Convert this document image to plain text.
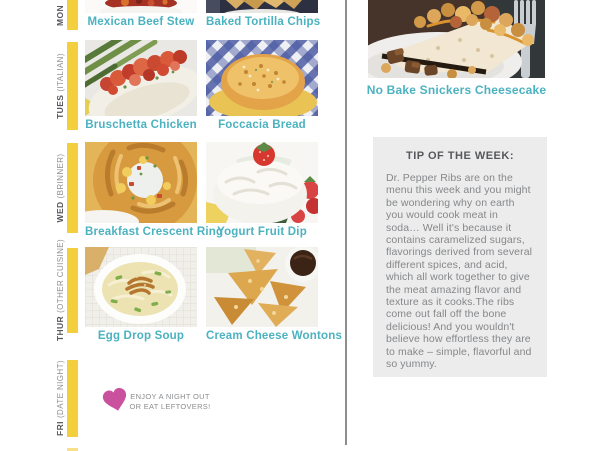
MON
TUES(ITALIAN)
WED(BRINNER)
THUR(OTHER CUISINE)
FRI(DATE NIGHT)
Mexican Beef Stew Baked Tortilla Chips
Bruschetta Chicken	Foccacia Bread
Breakfast Crescent Ring
Yogurt Fruit Dip
Egg Drop Soup	Cream Cheese Wontons
ENJOY A NIGHT OUT
OR EAT LEFTOVERS!
No Bake Snickers Cheesecake
TIP OF THE WEEK:
Dr. Pepper Ribs are on the menu this week and you might be wondering why on earth you would cook meat in soda… Well it's because it contains caramelized sugars, flavorings derived from several different spices, and acid, which all work together to give the meat amazing flavor and texture as it cooks.The ribs come out fall off the bone delicious! And you wouldn't believe how effortless they are to make – simple, flavorful and so yummy.
